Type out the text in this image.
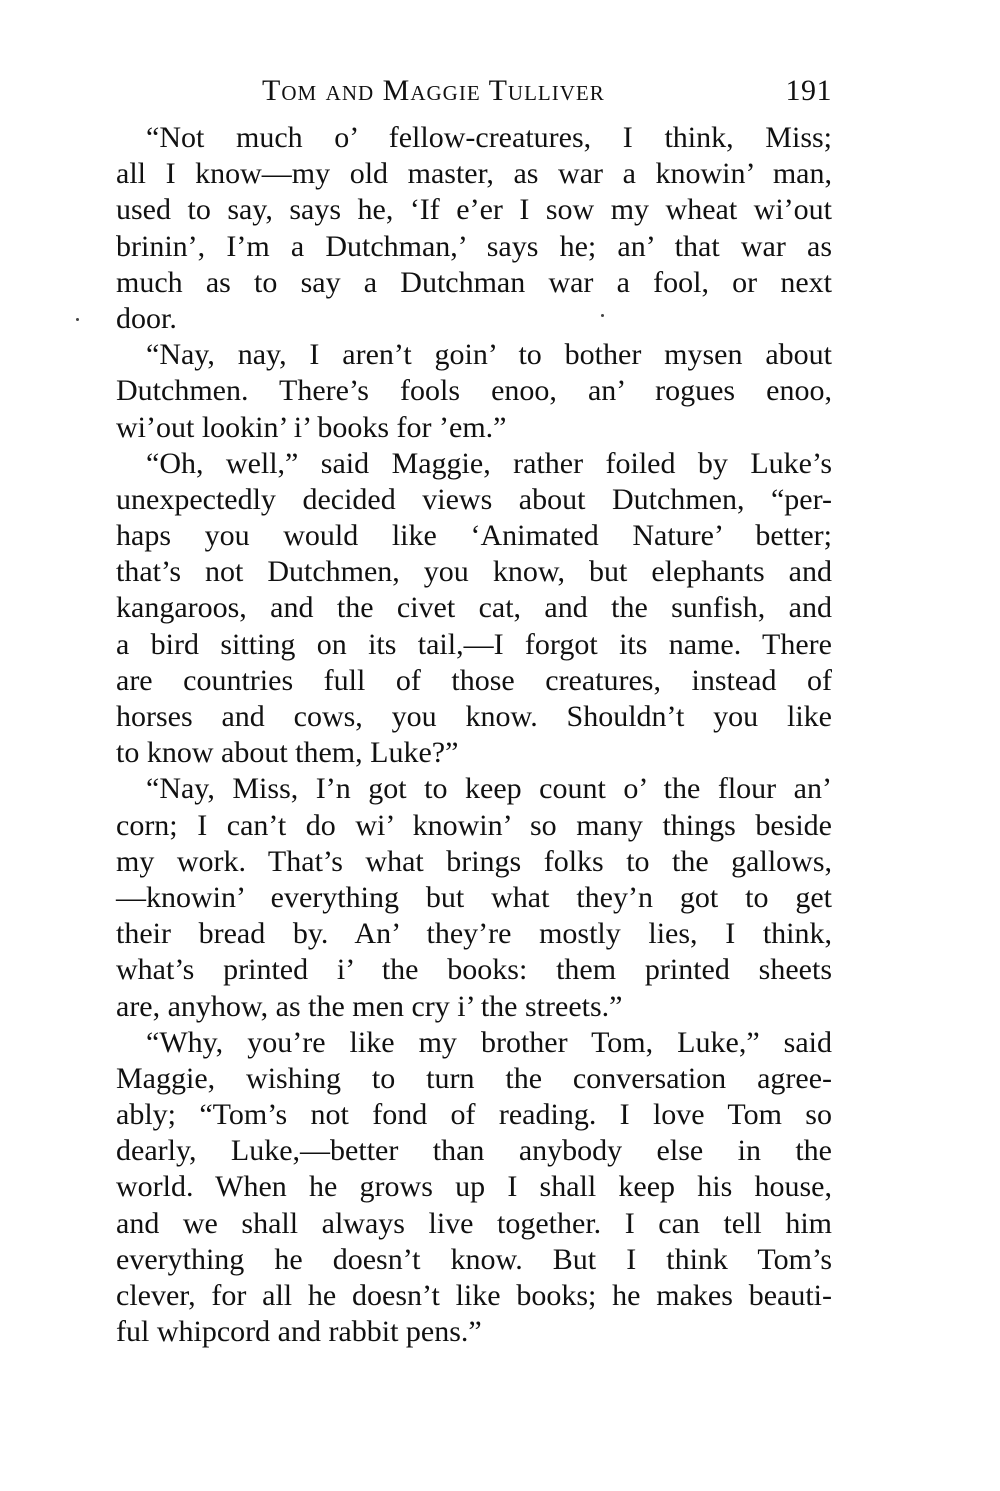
Tom and Maggie Tulliver	191
“Not much o’ fellow-creatures, I think, Miss;
all I know—my old master, as war a knowin’ man,
used to say, says he, ‘If e’er I sow my wheat wi’out
brinin’, I’m a Dutchman,’ says he; an’ that war as
much as to say a Dutchman war a fool, or next
door.
“Nay, nay, I aren’t goin’ to bother mysen about
Dutchmen. There’s fools enoo, an’ rogues enoo,
wi’out lookin’ i’ books for ’em.”
“Oh, well,” said Maggie, rather foiled by Luke’s
unexpectedly decided views about Dutchmen, “per-
haps you would like ‘Animated Nature’ better;
that’s not Dutchmen, you know, but elephants and
kangaroos, and the civet cat, and the sunfish, and
a bird sitting on its tail,—I forgot its name. There
are countries full of those creatures, instead of
horses and cows, you know. Shouldn’t you like
to know about them, Luke?”
“Nay, Miss, I’n got to keep count o’ the flour an’
corn; I can’t do wi’ knowin’ so many things beside
my work. That’s what brings folks to the gallows,
—knowin’ everything but what they’n got to get
their bread by. An’ they’re mostly lies, I think,
what’s printed i’ the books: them printed sheets
are, anyhow, as the men cry i’ the streets.”
“Why, you’re like my brother Tom, Luke,” said
Maggie, wishing to turn the conversation agree-
ably; “Tom’s not fond of reading. I love Tom so
dearly, Luke,—better than anybody else in the
world. When he grows up I shall keep his house,
and we shall always live together. I can tell him
everything he doesn’t know. But I think Tom’s
clever, for all he doesn’t like books; he makes beauti-
ful whipcord and rabbit pens.”
